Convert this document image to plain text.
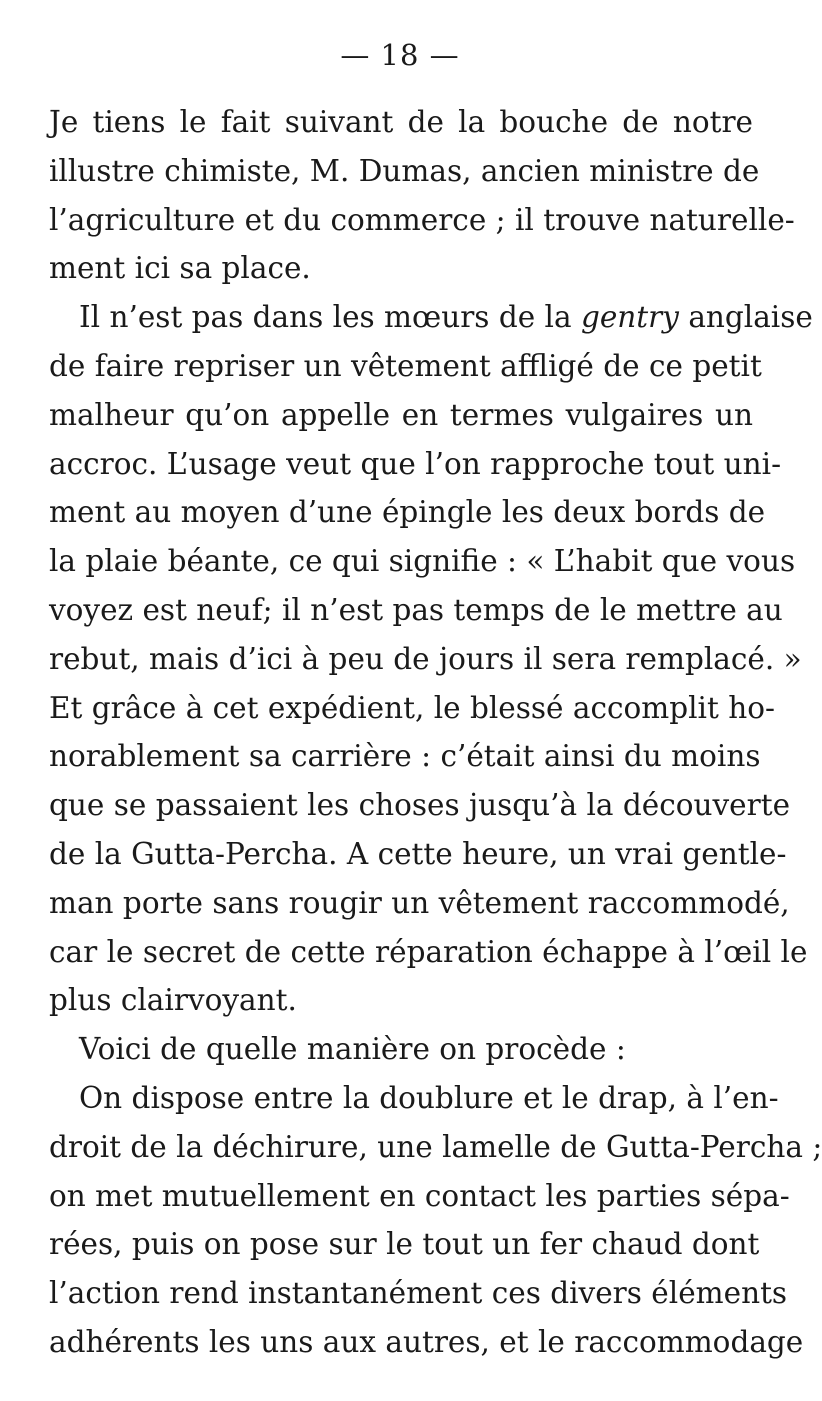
— 18 —
Je tiens le fait suivant de la bouche de notre
illustre chimiste, M. Dumas, ancien ministre de
l’agriculture et du commerce ; il trouve naturelle-
ment ici sa place.
Il n’est pas dans les mœurs de la gentry anglaise
de faire repriser un vêtement affligé de ce petit
malheur qu’on appelle en termes vulgaires un
accroc. L’usage veut que l’on rapproche tout uni-
ment au moyen d’une épingle les deux bords de
la plaie béante, ce qui signifie : « L’habit que vous
voyez est neuf; il n’est pas temps de le mettre au
rebut, mais d’ici à peu de jours il sera remplacé. »
Et grâce à cet expédient, le blessé accomplit ho-
norablement sa carrière : c’était ainsi du moins
que se passaient les choses jusqu’à la découverte
de la Gutta-Percha. A cette heure, un vrai gentle-
man porte sans rougir un vêtement raccommodé,
car le secret de cette réparation échappe à l’œil le
plus clairvoyant.
Voici de quelle manière on procède :
On dispose entre la doublure et le drap, à l’en-
droit de la déchirure, une lamelle de Gutta-Percha ;
on met mutuellement en contact les parties sépa-
rées, puis on pose sur le tout un fer chaud dont
l’action rend instantanément ces divers éléments
adhérents les uns aux autres, et le raccommodage
